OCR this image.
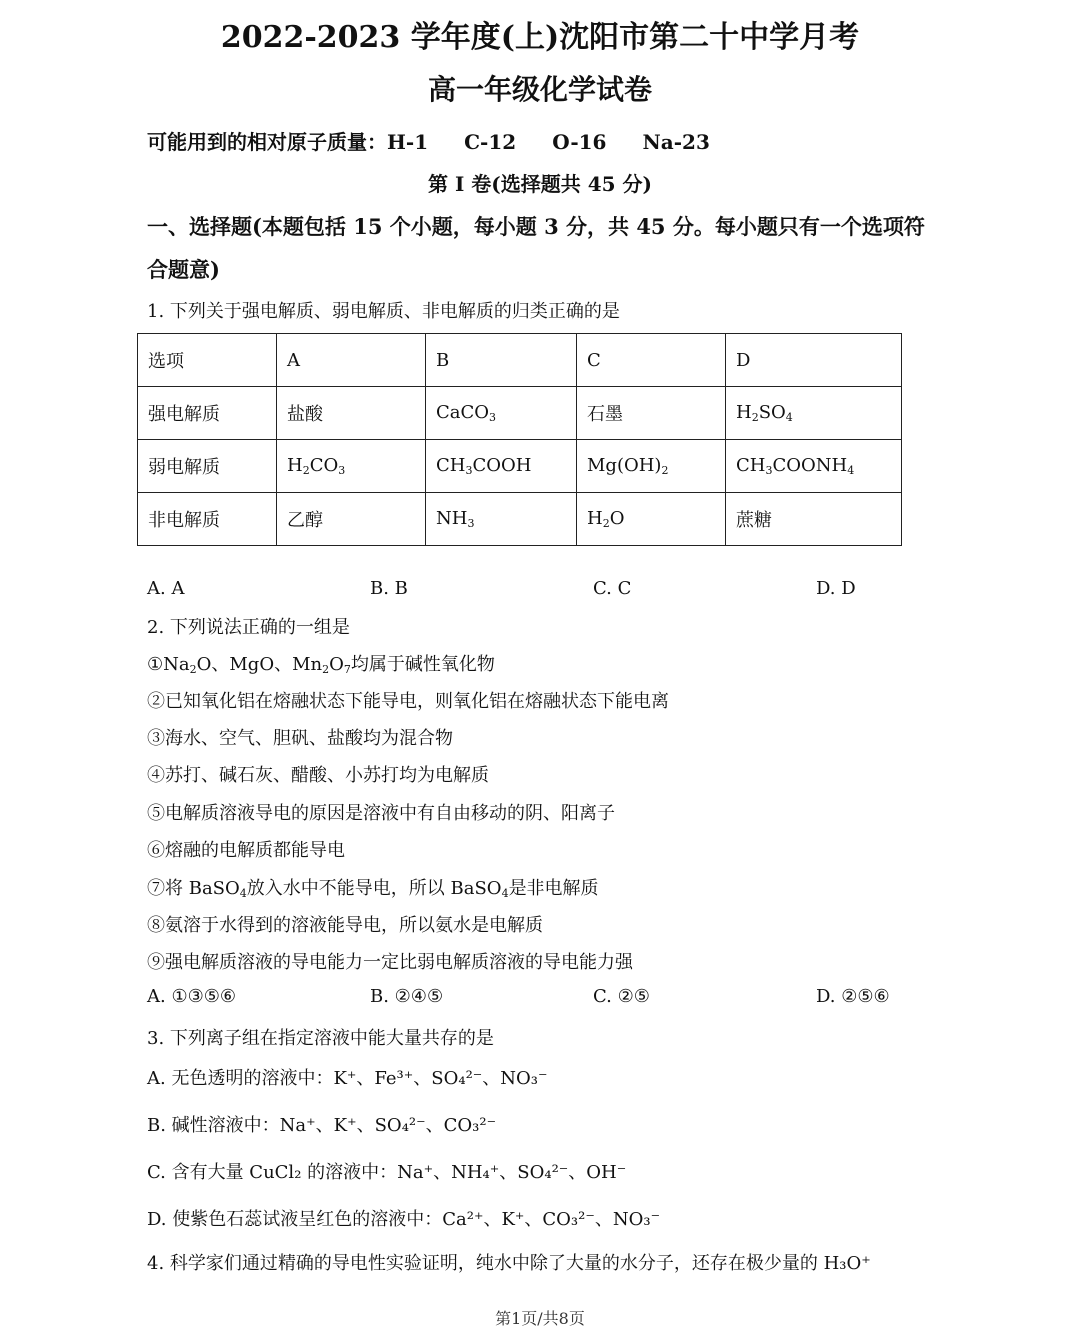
2022-2023 学年度(上)沈阳市第二十中学月考
高一年级化学试卷
可能用到的相对原子质量：H-1 C-12 O-16 Na-23
第 I 卷(选择题共 45 分)
一、选择题(本题包括 15 个小题，每小题 3 分，共 45 分。每小题只有一个选项符
合题意)
1. 下列关于强电解质、弱电解质、非电解质的归类正确的是
选项	A	B	C	D
强电解质	盐酸	CaCO$_3$	石墨	$H_2SO_4$
弱电解质	$H_2CO_3$	$CH_3COOH$	$Mg(OH)_2$	$CH_3COONH_4$
非电解质	乙醇	$NH_3$	$H_2O$	蔗糖
A. A	B. B	C. C	D. D
2. 下列说法正确的一组是
$①Na_2O$、MgO、$Mn_2O_7$均属于碱性氧化物
②已知氧化铝在熔融状态下能导电，则氧化铝在熔融状态下能电离
③海水、空气、胆矾、盐酸均为混合物
④苏打、碱石灰、醋酸、小苏打均为电解质
⑤电解质溶液导电的原因是溶液中有自由移动的阴、阳离子
⑥熔融的电解质都能导电
⑦将 BaSO$_4$放入水中不能导电，所以 BaSO$_4$是非电解质
⑧氨溶于水得到的溶液能导电，所以氨水是电解质
⑨强电解质溶液的导电能力一定比弱电解质溶液的导电能力强
A. ①③⑤⑥	B. ②④⑤	C. ②⑤	D. ②⑤⑥
3. 下列离子组在指定溶液中能大量共存的是
A. 无色透明的溶液中：K⁺、Fe³⁺、SO₄²⁻、NO₃⁻
B. 碱性溶液中：Na⁺、K⁺、SO₄²⁻、CO₃²⁻
C. 含有大量 CuCl₂ 的溶液中：Na⁺、NH₄⁺、SO₄²⁻、OH⁻
D. 使紫色石蕊试液呈红色的溶液中：Ca²⁺、K⁺、CO₃²⁻、NO₃⁻
4. 科学家们通过精确的导电性实验证明，纯水中除了大量的水分子，还存在极少量的 H₃O⁺
第1页/共8页
